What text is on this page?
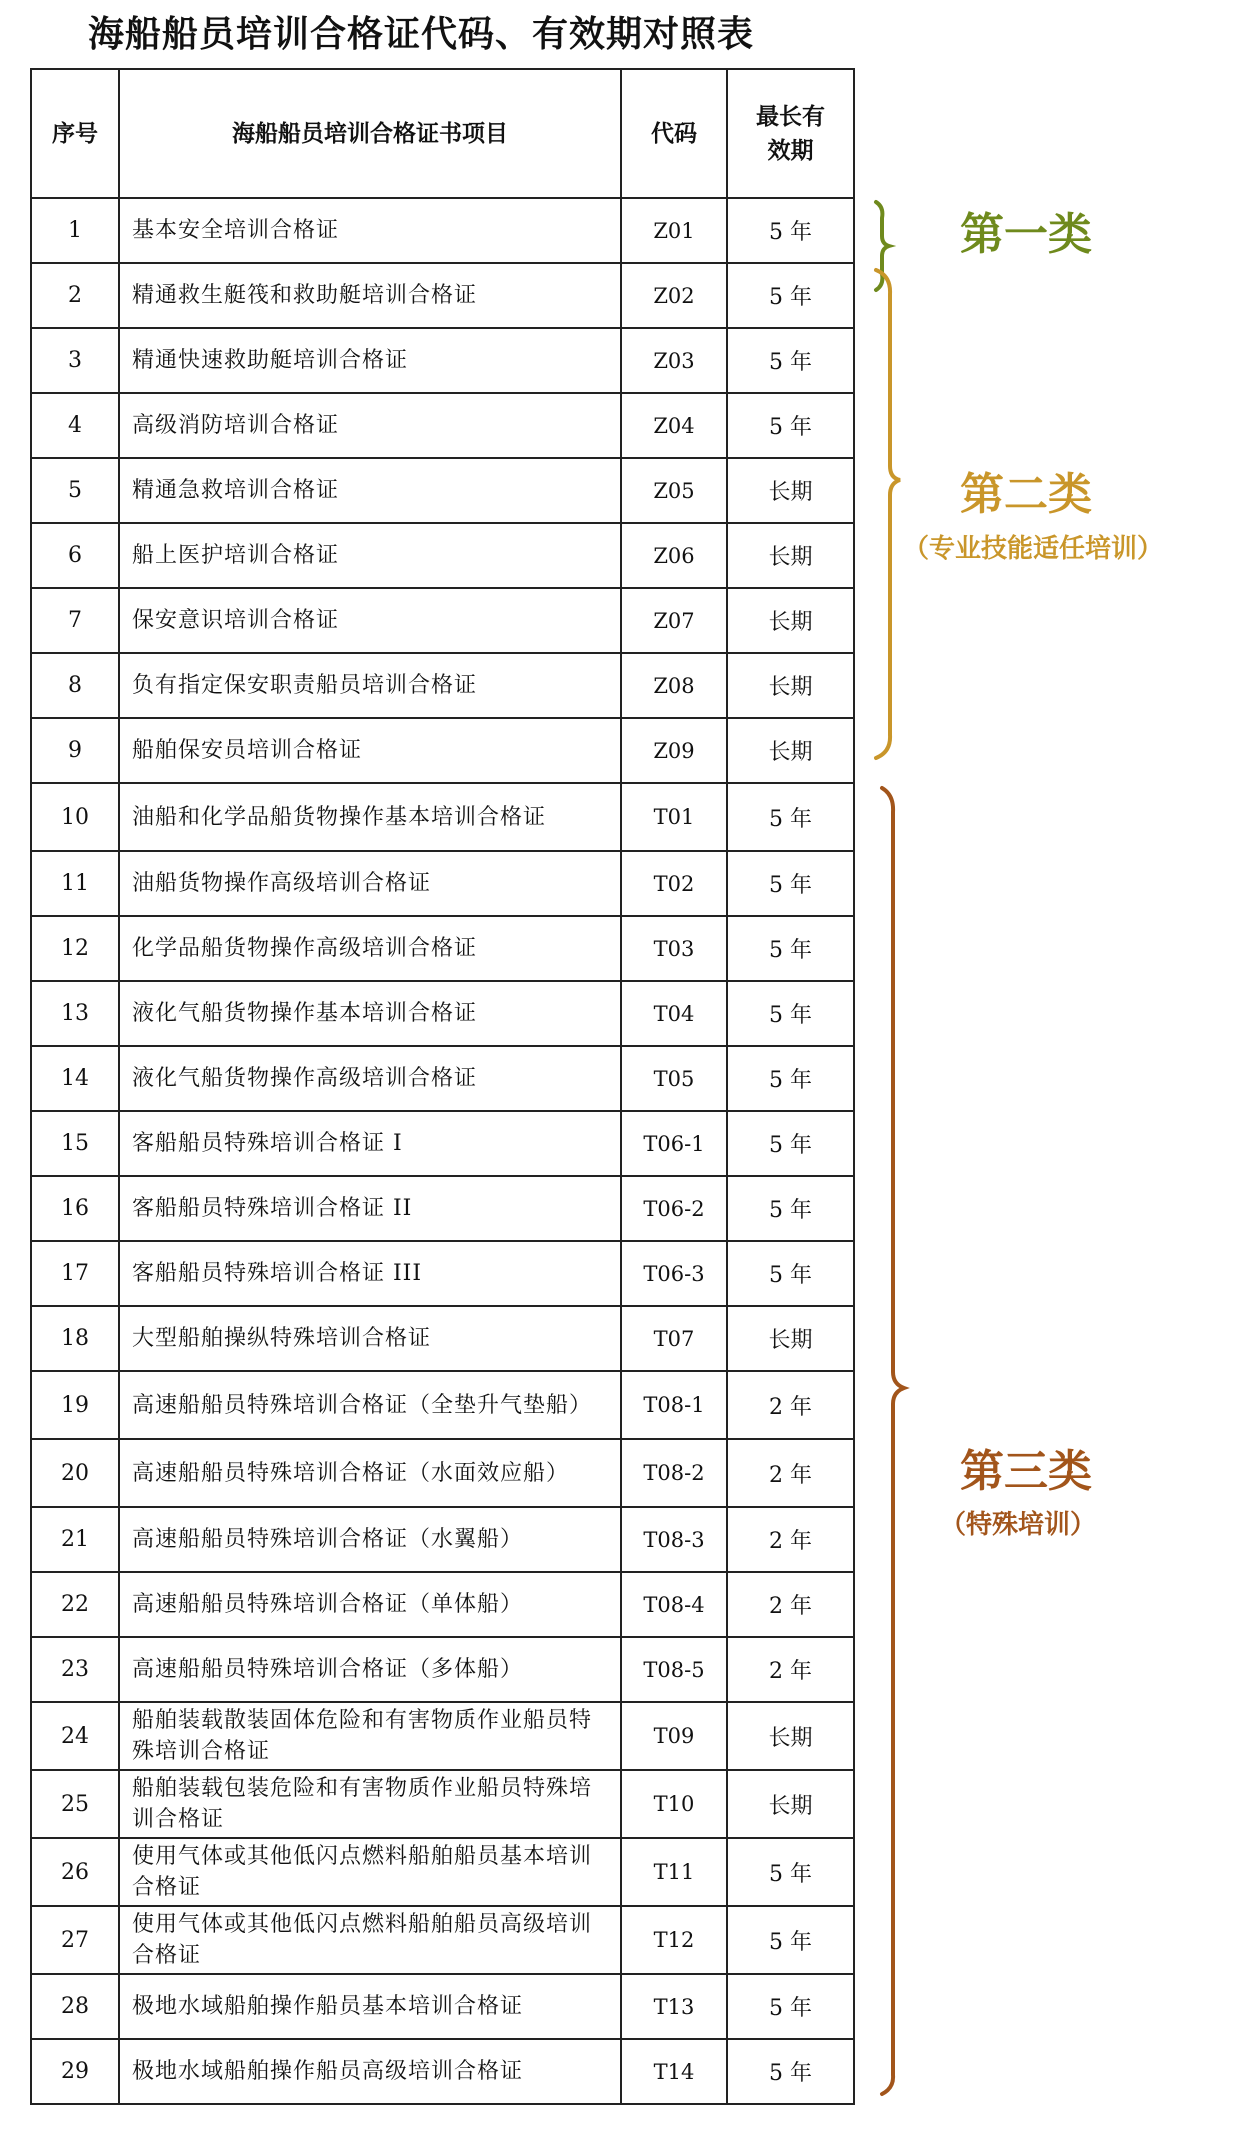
海船船员培训合格证代码、有效期对照表
序号	海船船员培训合格证书项目	代码	最长有
效期
1	基本安全培训合格证	Z01	5 年
2	精通救生艇筏和救助艇培训合格证	Z02	5 年
3	精通快速救助艇培训合格证	Z03	5 年
4	高级消防培训合格证	Z04	5 年
5	精通急救培训合格证	Z05	长期
6	船上医护培训合格证	Z06	长期
7	保安意识培训合格证	Z07	长期
8	负有指定保安职责船员培训合格证	Z08	长期
9	船舶保安员培训合格证	Z09	长期
10	油船和化学品船货物操作基本培训合格证	T01	5 年
11	油船货物操作高级培训合格证	T02	5 年
12	化学品船货物操作高级培训合格证	T03	5 年
13	液化气船货物操作基本培训合格证	T04	5 年
14	液化气船货物操作高级培训合格证	T05	5 年
15	客船船员特殊培训合格证 I	T06-1	5 年
16	客船船员特殊培训合格证 II	T06-2	5 年
17	客船船员特殊培训合格证 III	T06-3	5 年
18	大型船舶操纵特殊培训合格证	T07	长期
19	高速船船员特殊培训合格证（全垫升气垫船）	T08-1	2 年
20	高速船船员特殊培训合格证（水面效应船）	T08-2	2 年
21	高速船船员特殊培训合格证（水翼船）	T08-3	2 年
22	高速船船员特殊培训合格证（单体船）	T08-4	2 年
23	高速船船员特殊培训合格证（多体船）	T08-5	2 年
24	船舶装载散装固体危险和有害物质作业船员特殊培训合格证	T09	长期
25	船舶装载包装危险和有害物质作业船员特殊培训合格证	T10	长期
26	使用气体或其他低闪点燃料船舶船员基本培训合格证	T11	5 年
27	使用气体或其他低闪点燃料船舶船员高级培训合格证	T12	5 年
28	极地水域船舶操作船员基本培训合格证	T13	5 年
29	极地水域船舶操作船员高级培训合格证	T14	5 年
第一类
第二类
（专业技能适任培训）
第三类
（特殊培训）
